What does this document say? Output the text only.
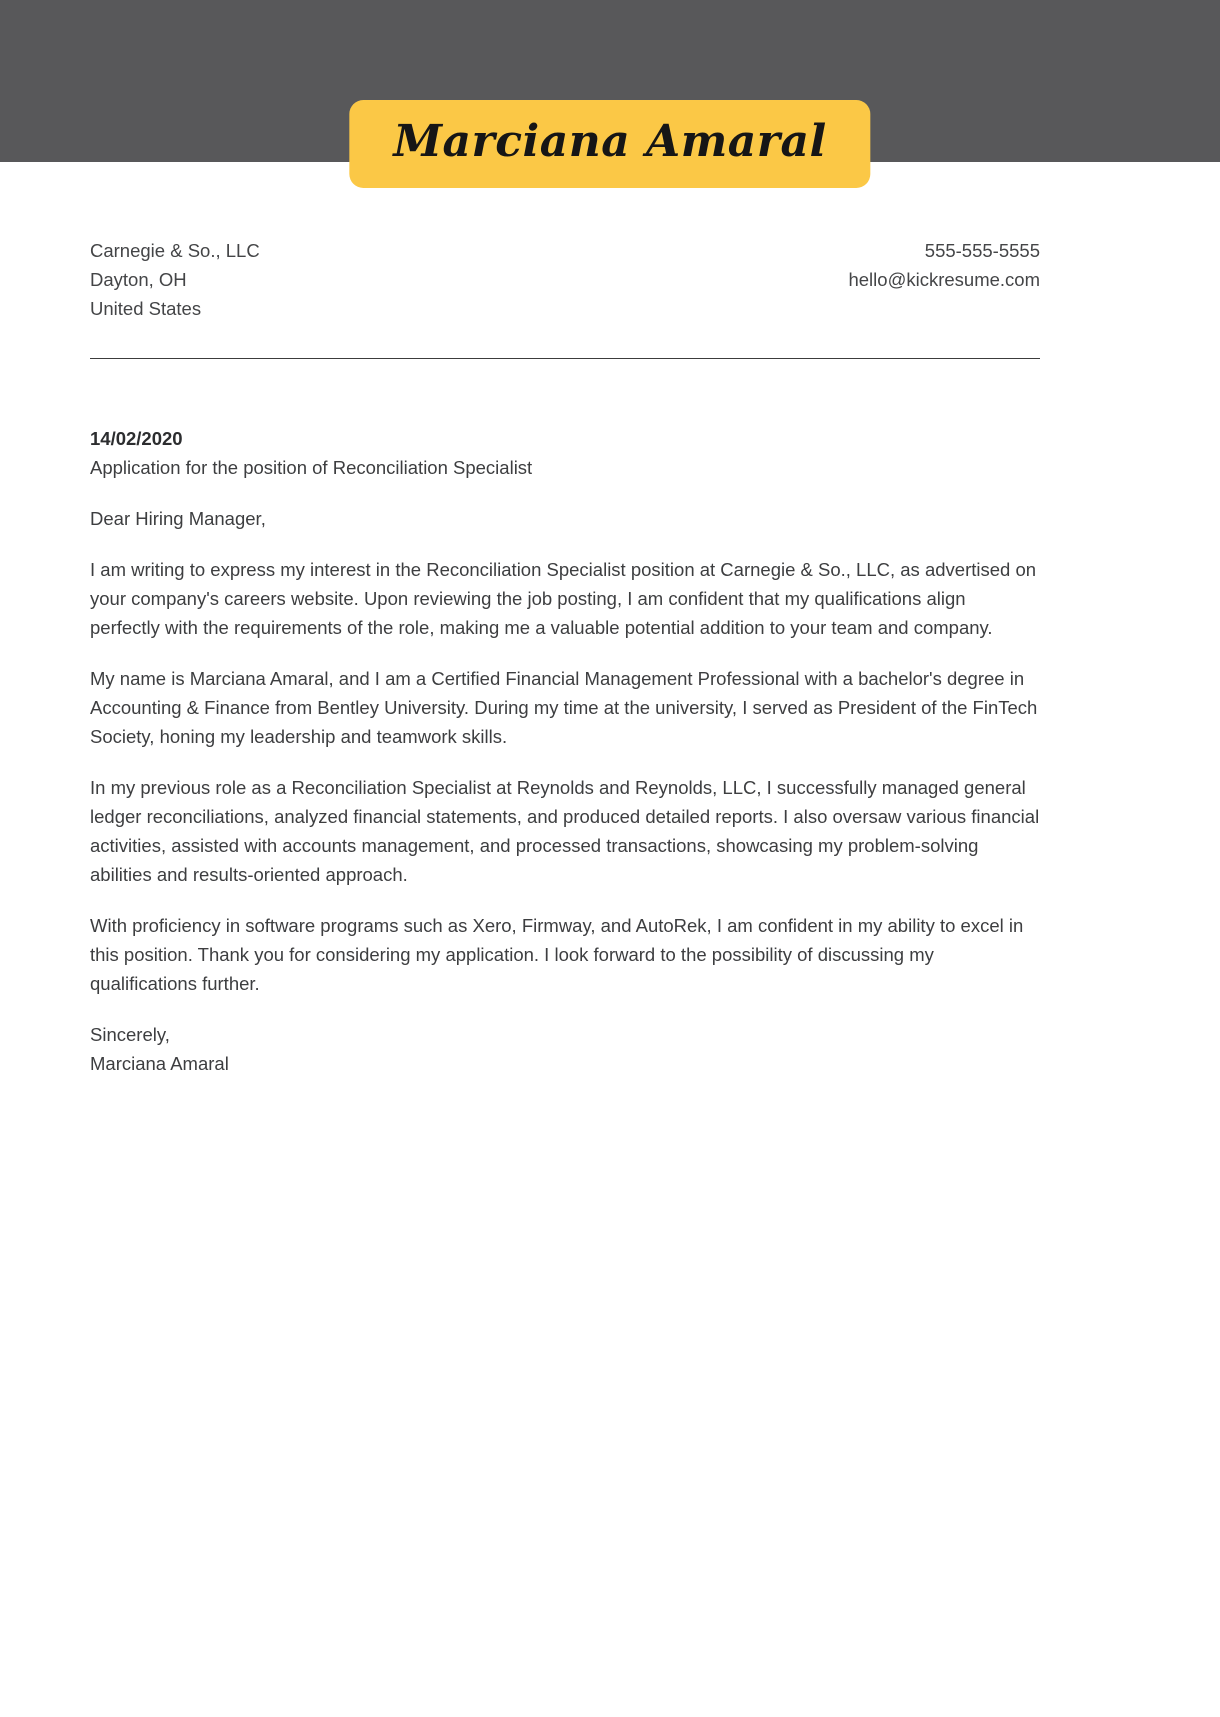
Marciana Amaral
Carnegie & So., LLC
Dayton, OH
United States
555-555-5555
hello@kickresume.com
14/02/2020
Application for the position of Reconciliation Specialist
Dear Hiring Manager,

I am writing to express my interest in the Reconciliation Specialist position at Carnegie & So., LLC, as advertised on your company's careers website. Upon reviewing the job posting, I am confident that my qualifications align perfectly with the requirements of the role, making me a valuable potential addition to your team and company.

My name is Marciana Amaral, and I am a Certified Financial Management Professional with a bachelor's degree in Accounting & Finance from Bentley University. During my time at the university, I served as President of the FinTech Society, honing my leadership and teamwork skills.

In my previous role as a Reconciliation Specialist at Reynolds and Reynolds, LLC, I successfully managed general ledger reconciliations, analyzed financial statements, and produced detailed reports. I also oversaw various financial activities, assisted with accounts management, and processed transactions, showcasing my problem-solving abilities and results-oriented approach.

With proficiency in software programs such as Xero, Firmway, and AutoRek, I am confident in my ability to excel in this position. Thank you for considering my application. I look forward to the possibility of discussing my qualifications further.

Sincerely,
Marciana Amaral
